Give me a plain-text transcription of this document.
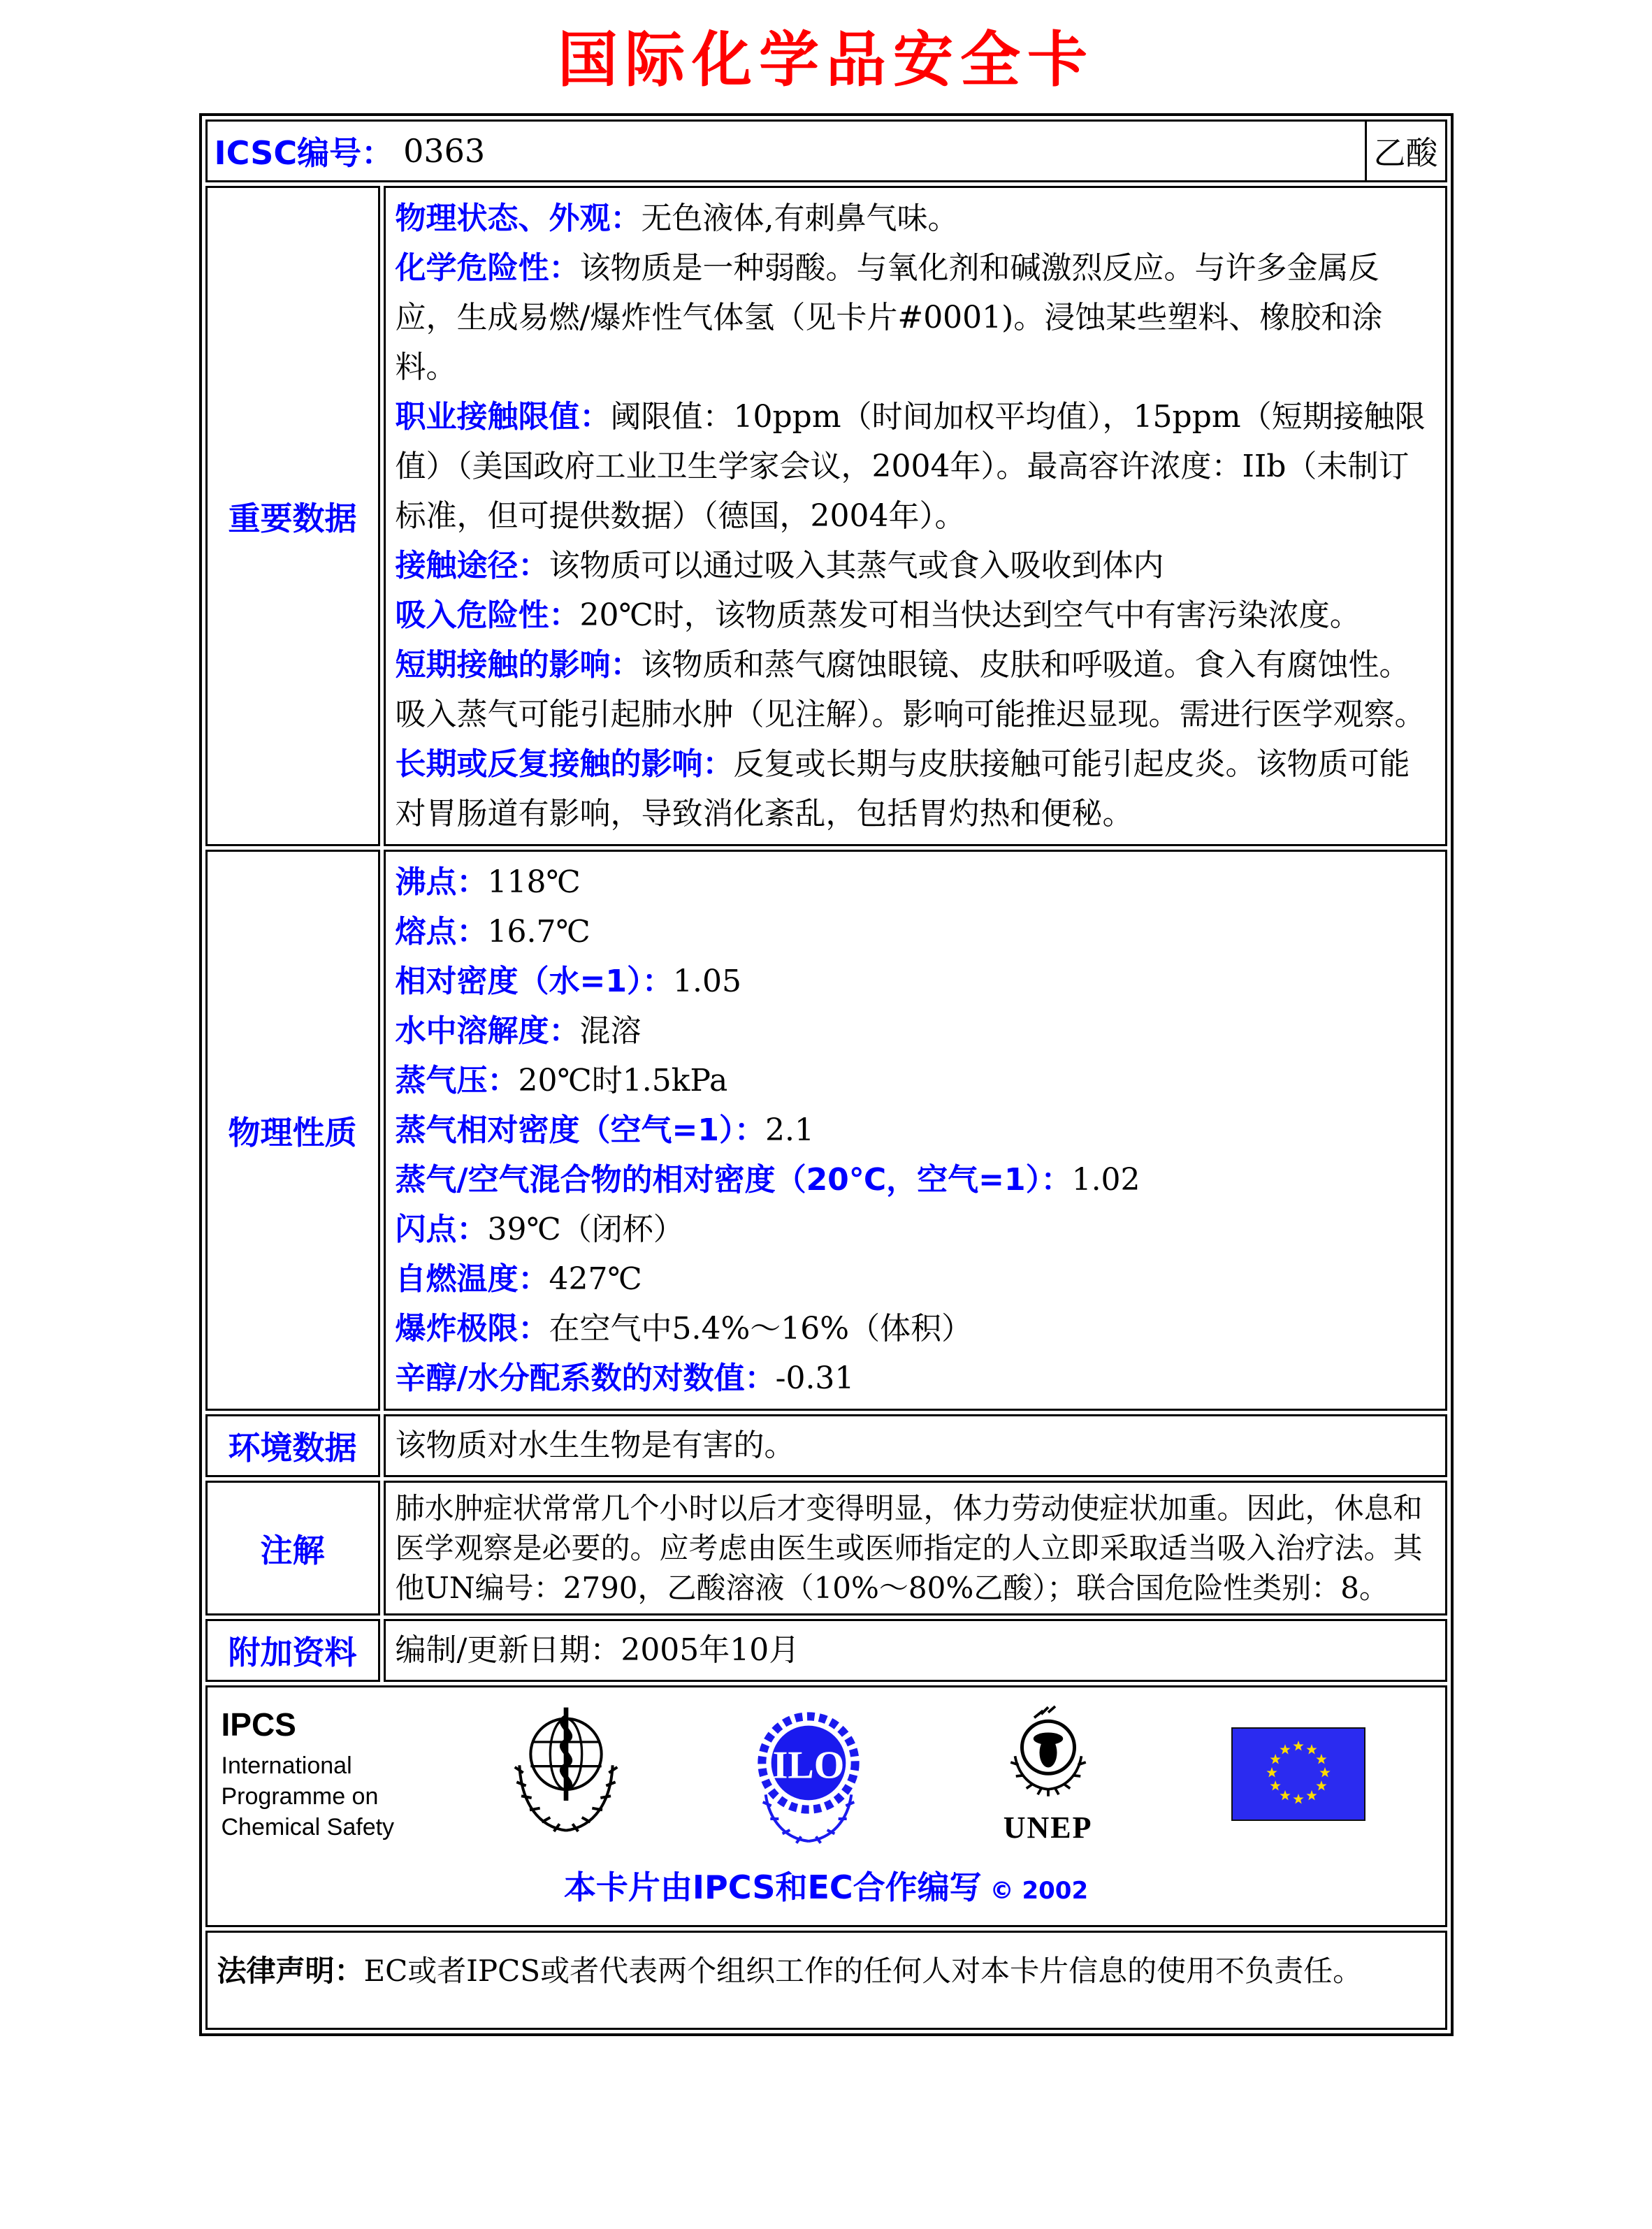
国际化学品安全卡
ICSC编号： 0363 乙酸	

重要数据	
物理状态、外观：无色液体,有刺鼻气味。
化学危险性：该物质是一种弱酸。与氧化剂和碱激烈反应。与许多金属反应，生成易燃/爆炸性气体氢（见卡片#0001)。浸蚀某些塑料、橡胶和涂料。
职业接触限值：阈限值：10ppm（时间加权平均值），15ppm（短期接触限值）（美国政府工业卫生学家会议，2004年）。最高容许浓度：IIb（未制订标准，但可提供数据）（德国，2004年）。
接触途径：该物质可以通过吸入其蒸气或食入吸收到体内
吸入危险性：20℃时，该物质蒸发可相当快达到空气中有害污染浓度。
短期接触的影响：该物质和蒸气腐蚀眼镜、皮肤和呼吸道。食入有腐蚀性。 吸入蒸气可能引起肺水肿（见注解）。影响可能推迟显现。需进行医学观察。
长期或反复接触的影响：反复或长期与皮肤接触可能引起皮炎。该物质可能对胃肠道有影响，导致消化紊乱，包括胃灼热和便秘。

物理性质	
沸点：118℃
熔点：16.7℃
相对密度（水=1）：1.05
水中溶解度：混溶
蒸气压：20℃时1.5kPa
蒸气相对密度（空气=1）：2.1
蒸气/空气混合物的相对密度（20℃，空气=1）：1.02
闪点：39℃（闭杯）
自燃温度：427℃
爆炸极限：在空气中5.4%～16%（体积）
辛醇/水分配系数的对数值：-0.31

环境数据	该物质对水生生物是有害的。

注解	肺水肿症状常常几个小时以后才变得明显，体力劳动使症状加重。因此，休息和医学观察是必要的。应考虑由医生或医师指定的人立即采取适当吸入治疗法。其他UN编号：2790，乙酸溶液（10%～80%乙酸）；联合国危险性类别：8。

附加资料	编制/更新日期：2005年10月

IPCS
International
Programme on
Chemical Safety
ILO
UNEP
本卡片由IPCS和EC合作编写 © 2002

法律声明：EC或者IPCS或者代表两个组织工作的任何人对本卡片信息的使用不负责任。	
